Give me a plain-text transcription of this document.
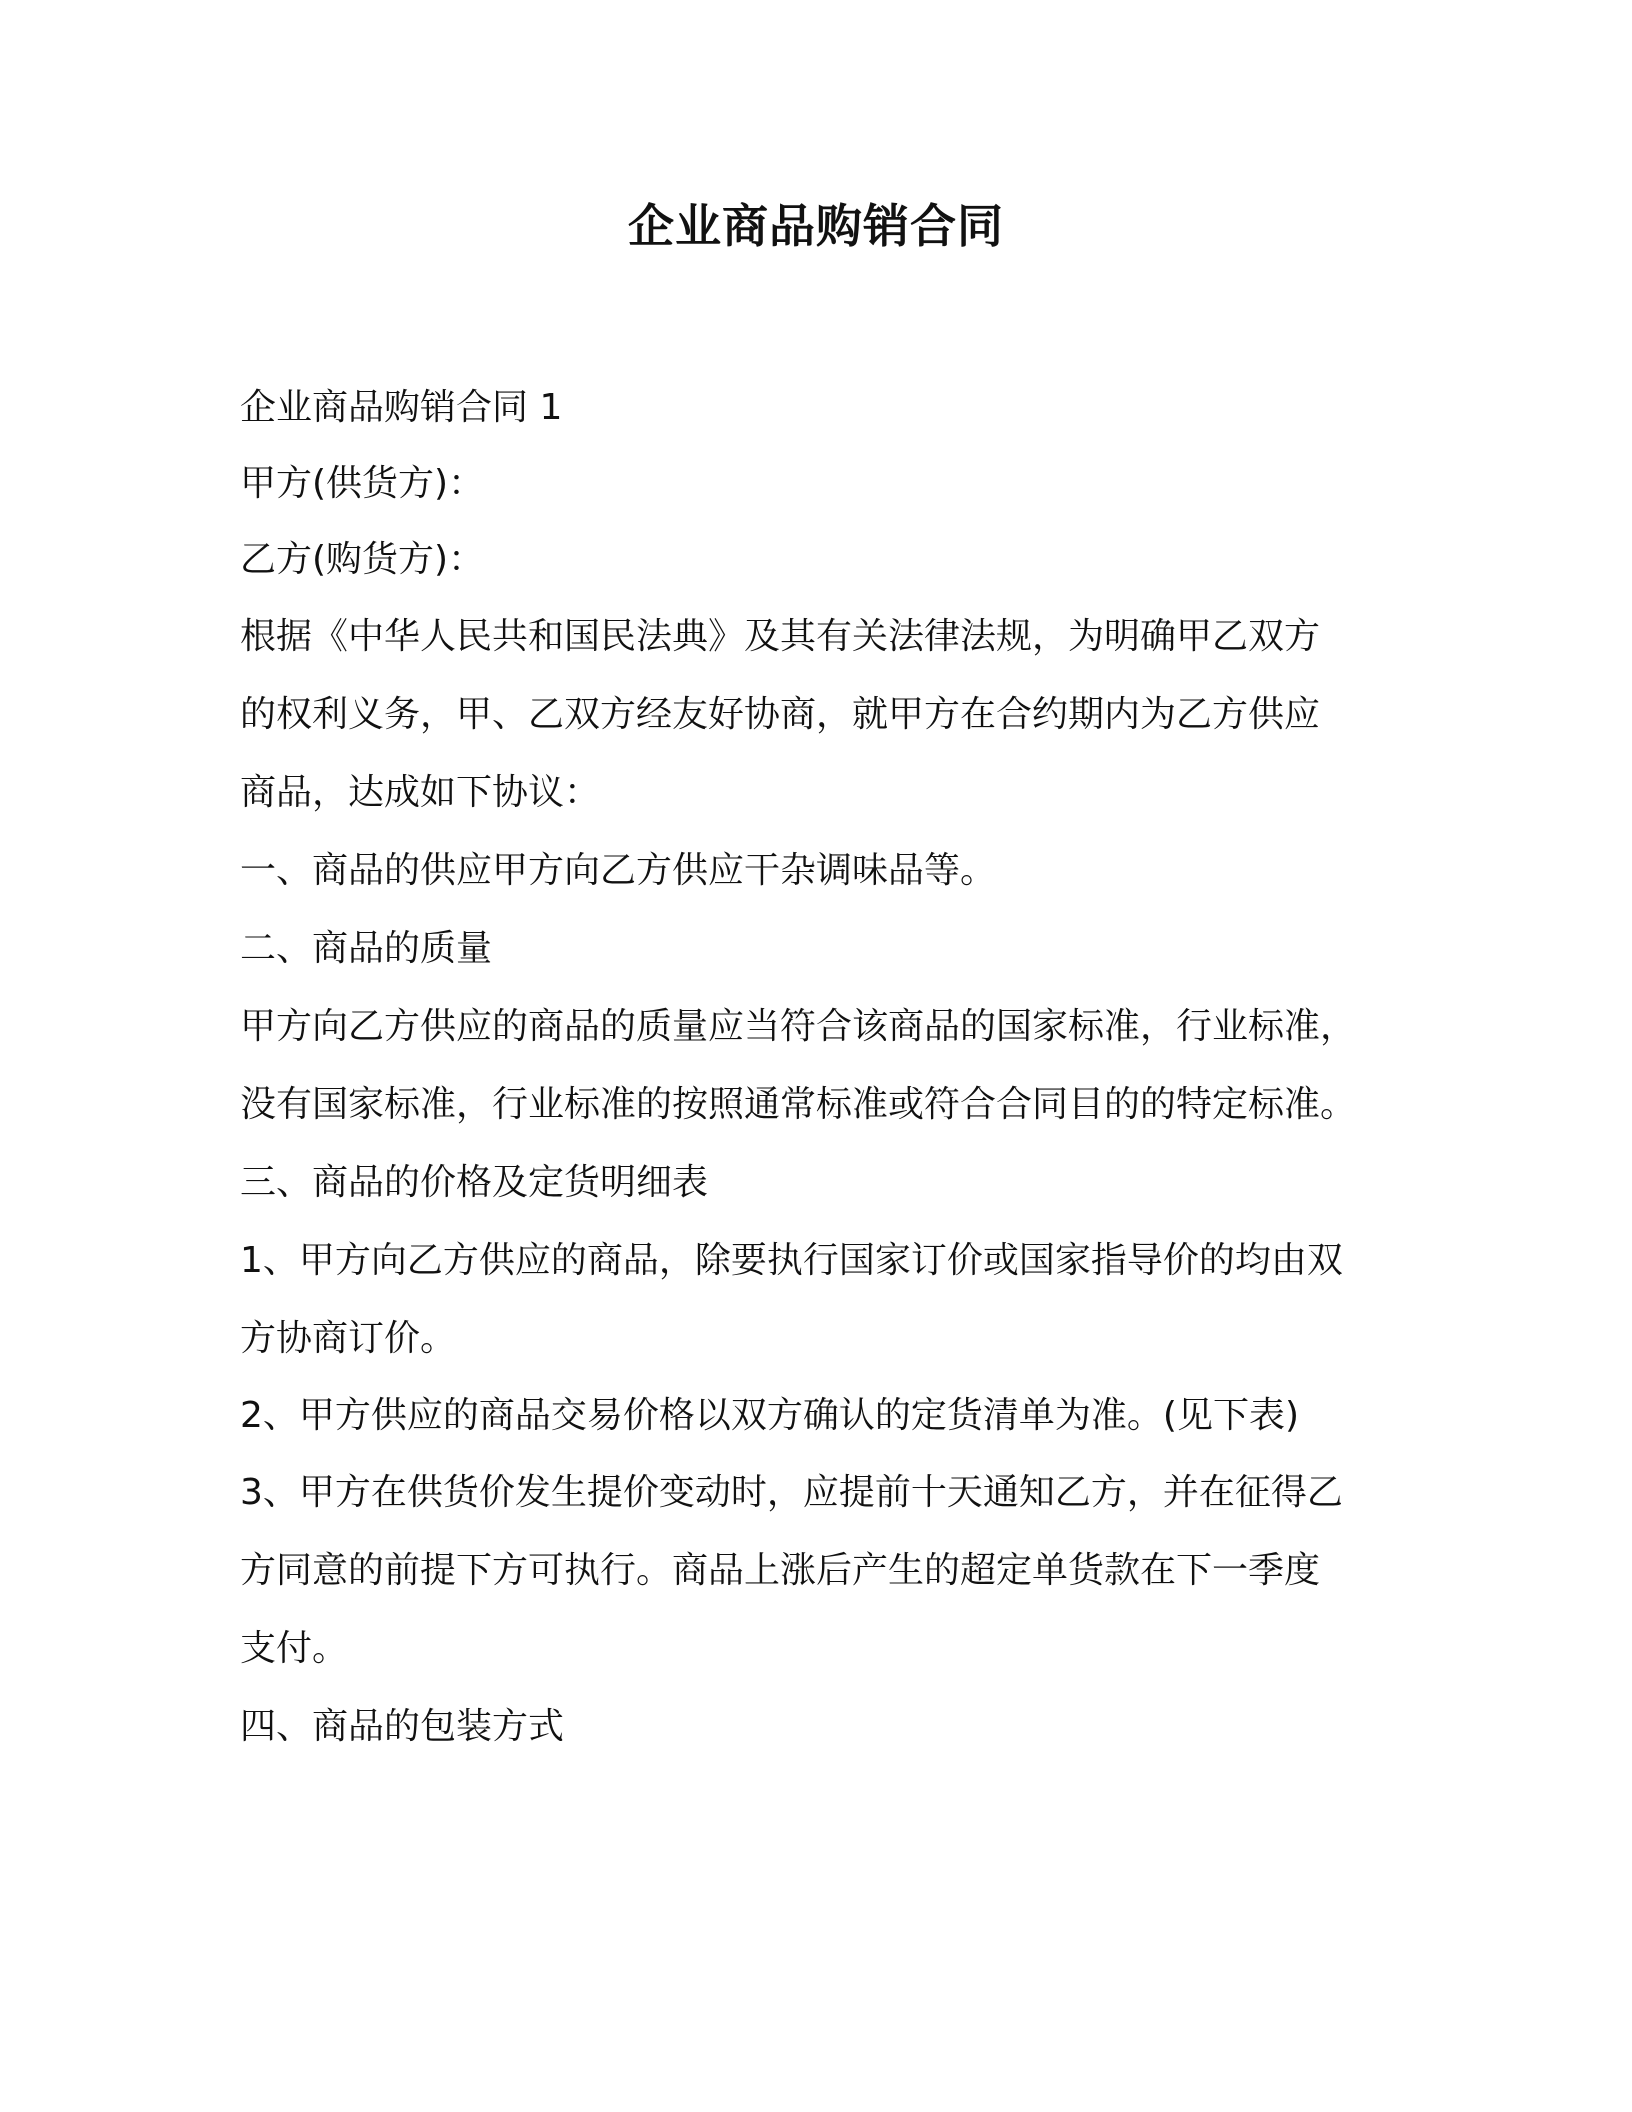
企业商品购销合同

企业商品购销合同 1

甲方(供货方)：

乙方(购货方)：

根据《中华人民共和国民法典》及其有关法律法规，为明确甲乙双方

的权利义务，甲、乙双方经友好协商，就甲方在合约期内为乙方供应

商品，达成如下协议：

一、商品的供应甲方向乙方供应干杂调味品等。

二、商品的质量

甲方向乙方供应的商品的质量应当符合该商品的国家标准，行业标准，

没有国家标准，行业标准的按照通常标准或符合合同目的的特定标准。

三、商品的价格及定货明细表

1、甲方向乙方供应的商品，除要执行国家订价或国家指导价的均由双

方协商订价。

2、甲方供应的商品交易价格以双方确认的定货清单为准。(见下表)

3、甲方在供货价发生提价变动时，应提前十天通知乙方，并在征得乙

方同意的前提下方可执行。商品上涨后产生的超定单货款在下一季度

支付。

四、商品的包装方式
